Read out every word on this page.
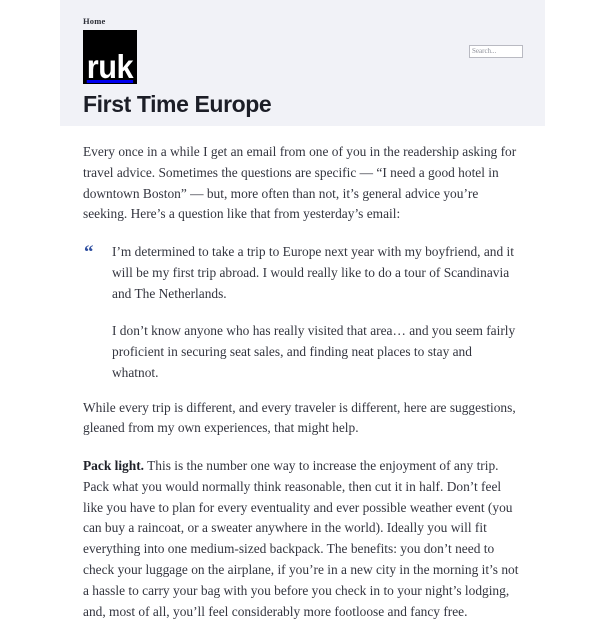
Home
Search...
ruk
First Time Europe

Every once in a while I get an email from one of you in the readership asking for travel advice. Sometimes the questions are specific — “I need a good hotel in downtown Boston” — but, more often than not, it’s general advice you’re seeking. Here’s a question like that from yesterday’s email:

“ I’m determined to take a trip to Europe next year with my boyfriend, and it will be my first trip abroad. I would really like to do a tour of Scandinavia and The Netherlands.

I don’t know anyone who has really visited that area… and you seem fairly proficient in securing seat sales, and finding neat places to stay and whatnot.

While every trip is different, and every traveler is different, here are suggestions, gleaned from my own experiences, that might help.

Pack light. This is the number one way to increase the enjoyment of any trip. Pack what you would normally think reasonable, then cut it in half. Don’t feel like you have to plan for every eventuality and ever possible weather event (you can buy a raincoat, or a sweater anywhere in the world). Ideally you will fit everything into one medium-sized backpack. The benefits: you don’t need to check your luggage on the airplane, if you’re in a new city in the morning it’s not a hassle to carry your bag with you before you check in to your night’s lodging, and, most of all, you’ll feel considerably more footloose and fancy free.
